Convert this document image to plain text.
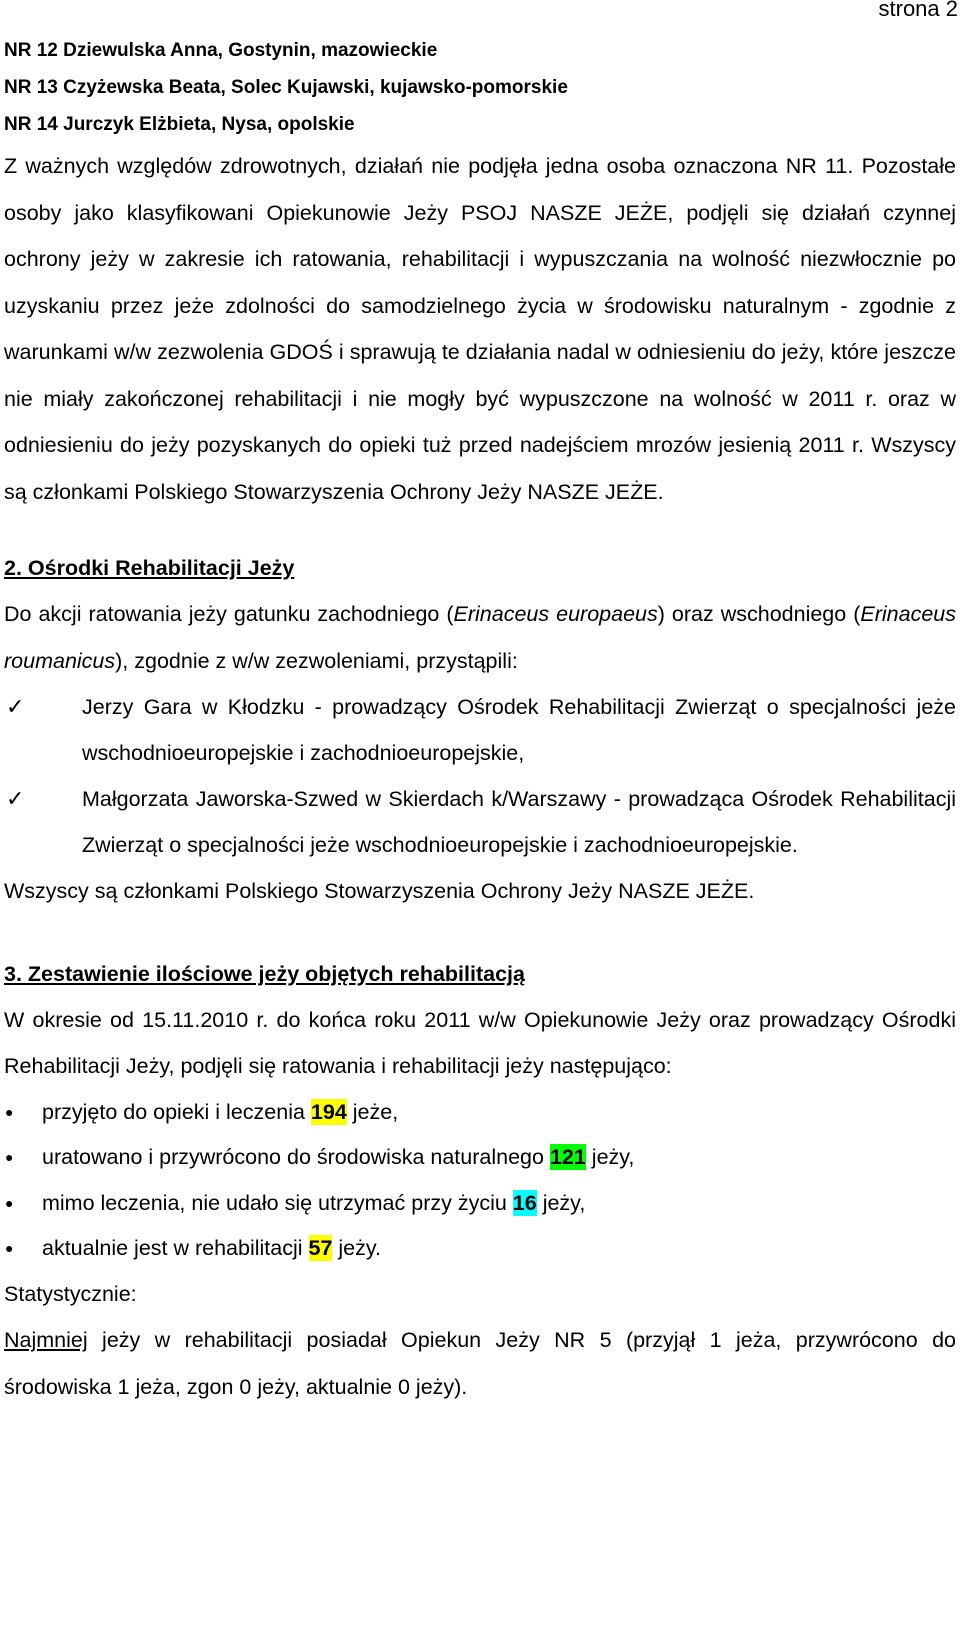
strona 2

NR 12 Dziewulska Anna, Gostynin, mazowieckie

NR 13 Czyżewska Beata, Solec Kujawski, kujawsko-pomorskie

NR 14 Jurczyk Elżbieta, Nysa, opolskie

Z ważnych względów zdrowotnych, działań nie podjęła jedna osoba oznaczona NR 11. Pozostałe osoby jako klasyfikowani Opiekunowie Jeży PSOJ NASZE JEŻE, podjęli się działań czynnej ochrony jeży w zakresie ich ratowania, rehabilitacji i wypuszczania na wolność niezwłocznie po uzyskaniu przez jeże zdolności do samodzielnego życia w środowisku naturalnym - zgodnie z warunkami w/w zezwolenia GDOŚ i sprawują te działania nadal w odniesieniu do jeży, które jeszcze nie miały zakończonej rehabilitacji i nie mogły być wypuszczone na wolność w 2011 r. oraz w odniesieniu do jeży pozyskanych do opieki tuż przed nadejściem mrozów jesienią 2011 r. Wszyscy są członkami Polskiego Stowarzyszenia Ochrony Jeży NASZE JEŻE.

2. Ośrodki Rehabilitacji Jeży

Do akcji ratowania jeży gatunku zachodniego (Erinaceus europaeus) oraz wschodniego (Erinaceus roumanicus), zgodnie z w/w zezwoleniami, przystąpili:

✓	Jerzy Gara w Kłodzku - prowadzący Ośrodek Rehabilitacji Zwierząt o specjalności jeże wschodnioeuropejskie i zachodnioeuropejskie,
✓	Małgorzata Jaworska-Szwed w Skierdach k/Warszawy - prowadząca Ośrodek Rehabilitacji Zwierząt o specjalności jeże wschodnioeuropejskie i zachodnioeuropejskie.

Wszyscy są członkami Polskiego Stowarzyszenia Ochrony Jeży NASZE JEŻE.

3. Zestawienie ilościowe jeży objętych rehabilitacją

W okresie od 15.11.2010 r. do końca roku 2011 w/w Opiekunowie Jeży oraz prowadzący Ośrodki Rehabilitacji Jeży, podjęli się ratowania i rehabilitacji jeży następująco:

● przyjęto do opieki i leczenia 194 jeże,
● uratowano i przywrócono do środowiska naturalnego 121 jeży,
● mimo leczenia, nie udało się utrzymać przy życiu 16 jeży,
● aktualnie jest w rehabilitacji 57 jeży.

Statystycznie:

Najmniej jeży w rehabilitacji posiadał Opiekun Jeży NR 5 (przyjął 1 jeża, przywrócono do środowiska 1 jeża, zgon 0 jeży, aktualnie 0 jeży).
